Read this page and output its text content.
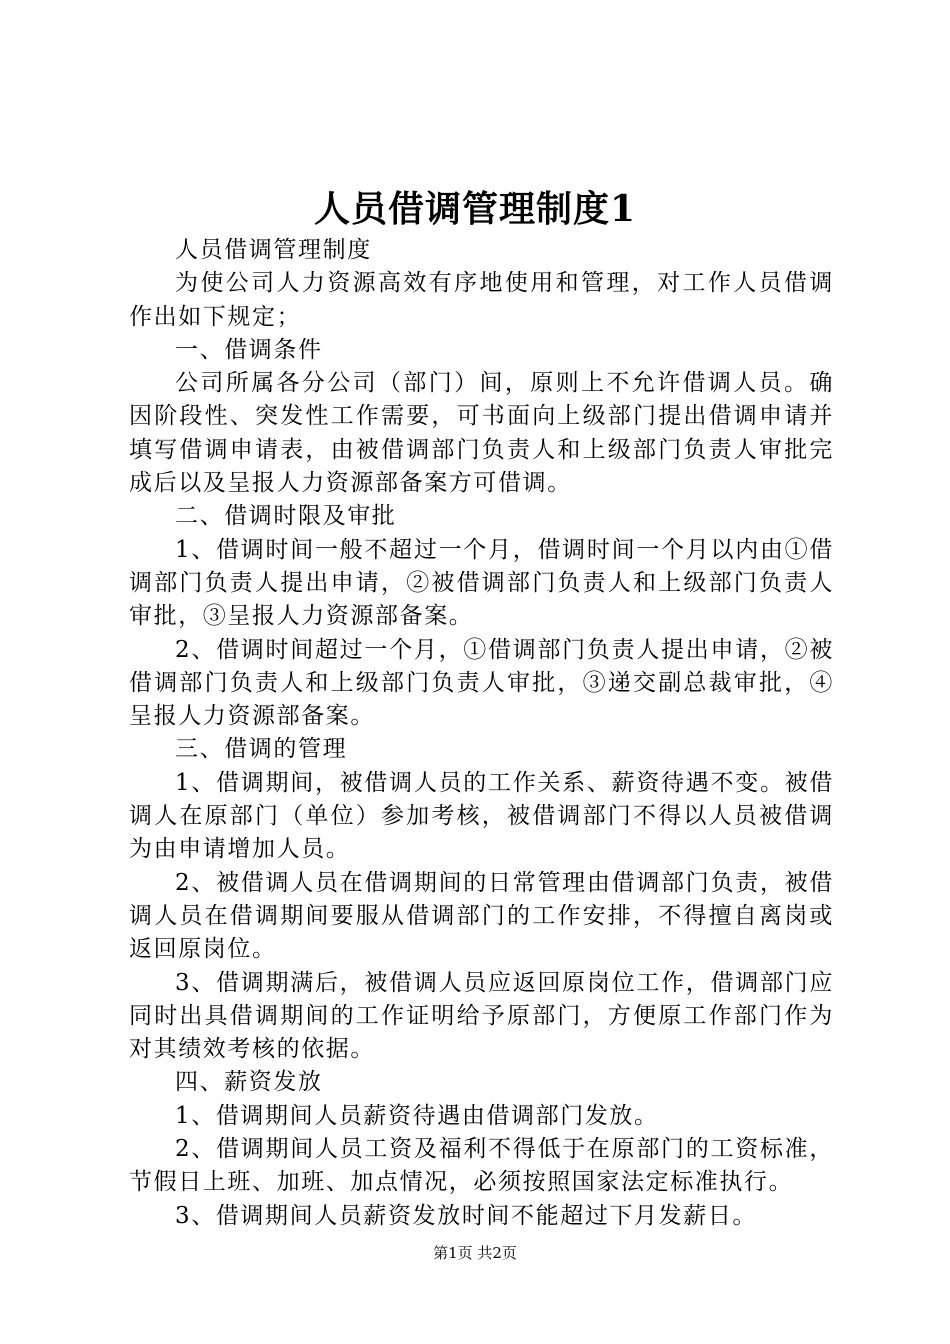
人员借调管理制度1

人员借调管理制度

为使公司人力资源高效有序地使用和管理，对工作人员借调作出如下规定；

一、借调条件

公司所属各分公司（部门）间，原则上不允许借调人员。确因阶段性、突发性工作需要，可书面向上级部门提出借调申请并填写借调申请表，由被借调部门负责人和上级部门负责人审批完成后以及呈报人力资源部备案方可借调。

二、借调时限及审批

1、借调时间一般不超过一个月，借调时间一个月以内由①借调部门负责人提出申请，②被借调部门负责人和上级部门负责人审批，③呈报人力资源部备案。

2、借调时间超过一个月，①借调部门负责人提出申请，②被借调部门负责人和上级部门负责人审批，③递交副总裁审批，④呈报人力资源部备案。

三、借调的管理

1、借调期间，被借调人员的工作关系、薪资待遇不变。被借调人在原部门（单位）参加考核，被借调部门不得以人员被借调为由申请增加人员。

2、被借调人员在借调期间的日常管理由借调部门负责，被借调人员在借调期间要服从借调部门的工作安排，不得擅自离岗或返回原岗位。

3、借调期满后，被借调人员应返回原岗位工作，借调部门应同时出具借调期间的工作证明给予原部门，方便原工作部门作为对其绩效考核的依据。

四、薪资发放

1、借调期间人员薪资待遇由借调部门发放。

2、借调期间人员工资及福利不得低于在原部门的工资标准，节假日上班、加班、加点情况，必须按照国家法定标准执行。

3、借调期间人员薪资发放时间不能超过下月发薪日。

第1页 共2页
